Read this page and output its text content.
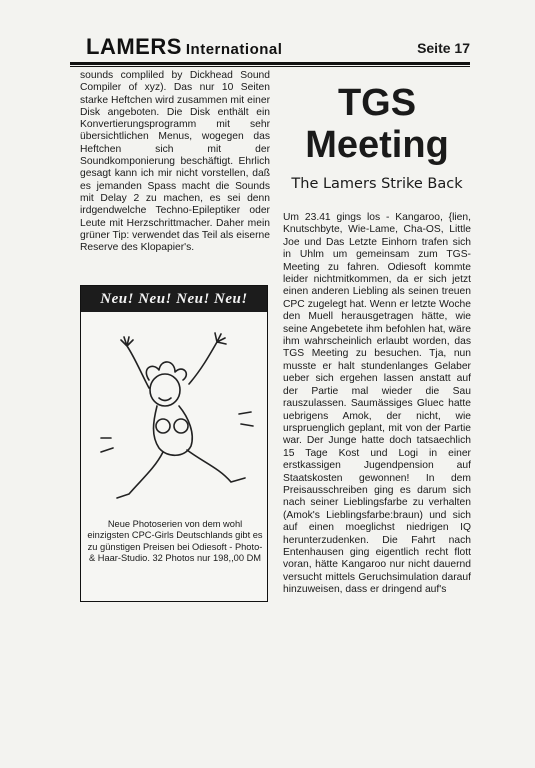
LAMERS International	Seite 17

sounds compliled by Dickhead Sound Compiler of xyz). Das nur 10 Seiten starke Heftchen wird zusammen mit einer Disk angeboten. Die Disk enthält ein Konvertierungsprogramm mit sehr übersichtlichen Menus, wogegen das Heftchen sich mit der Soundkomponierung beschäftigt. Ehrlich gesagt kann ich mir nicht vorstellen, daß es jemanden Spass macht die Sounds mit Delay 2 zu machen, es sei denn irdgendwelche Techno-Epileptiker oder Leute mit Herzschrittmacher. Daher mein grüner Tip: verwendet das Teil als eiserne Reserve des Klopapier's.

Neu! Neu! Neu! Neu!
Neue Photoserien von dem wohl einzigsten CPC-Girls Deutschlands gibt es zu günstigen Preisen bei Odiesoft - Photo- & Haar-Studio. 32 Photos nur 198,,00 DM
TGS
Meeting
The Lamers Strike Back
Um 23.41 gings los - Kangaroo, {lien, Knutschbyte, Wie-Lame, Cha-OS, Little Joe und Das Letzte Einhorn trafen sich in Uhlm um gemeinsam zum TGS-Meeting zu fahren. Odiesoft kommte leider nichtmitkommen, da er sich jetzt einen anderen Liebling als seinen treuen CPC zugelegt hat. Wenn er letzte Woche den Muell herausgetragen hätte, wie seine Angebetete ihm befohlen hat, wäre ihm wahrscheinlich erlaubt worden, das TGS Meeting zu besuchen. Tja, nun musste er halt stundenlanges Gelaber ueber sich ergehen lassen anstatt auf der Partie mal wieder die Sau rauszulassen. Saumässiges Gluec hatte uebrigens Amok, der nicht, wie urspruenglich geplant, mit von der Partie war. Der Junge hatte doch tatsaechlich 15 Tage Kost und Logi in einer erstkassigen Jugendpension auf Staatskosten gewonnen! In dem Preisausschreiben ging es darum sich nach seiner Lieblingsfarbe zu verhalten (Amok's Lieblingsfarbe:braun) und sich auf einen moeglichst niedrigen IQ herunterzudenken. Die Fahrt nach Entenhausen ging eigentlich recht flott voran, hätte Kangaroo nur nicht dauernd versucht mittels Geruchsimulation darauf hinzuweisen, dass er dringend auf's
